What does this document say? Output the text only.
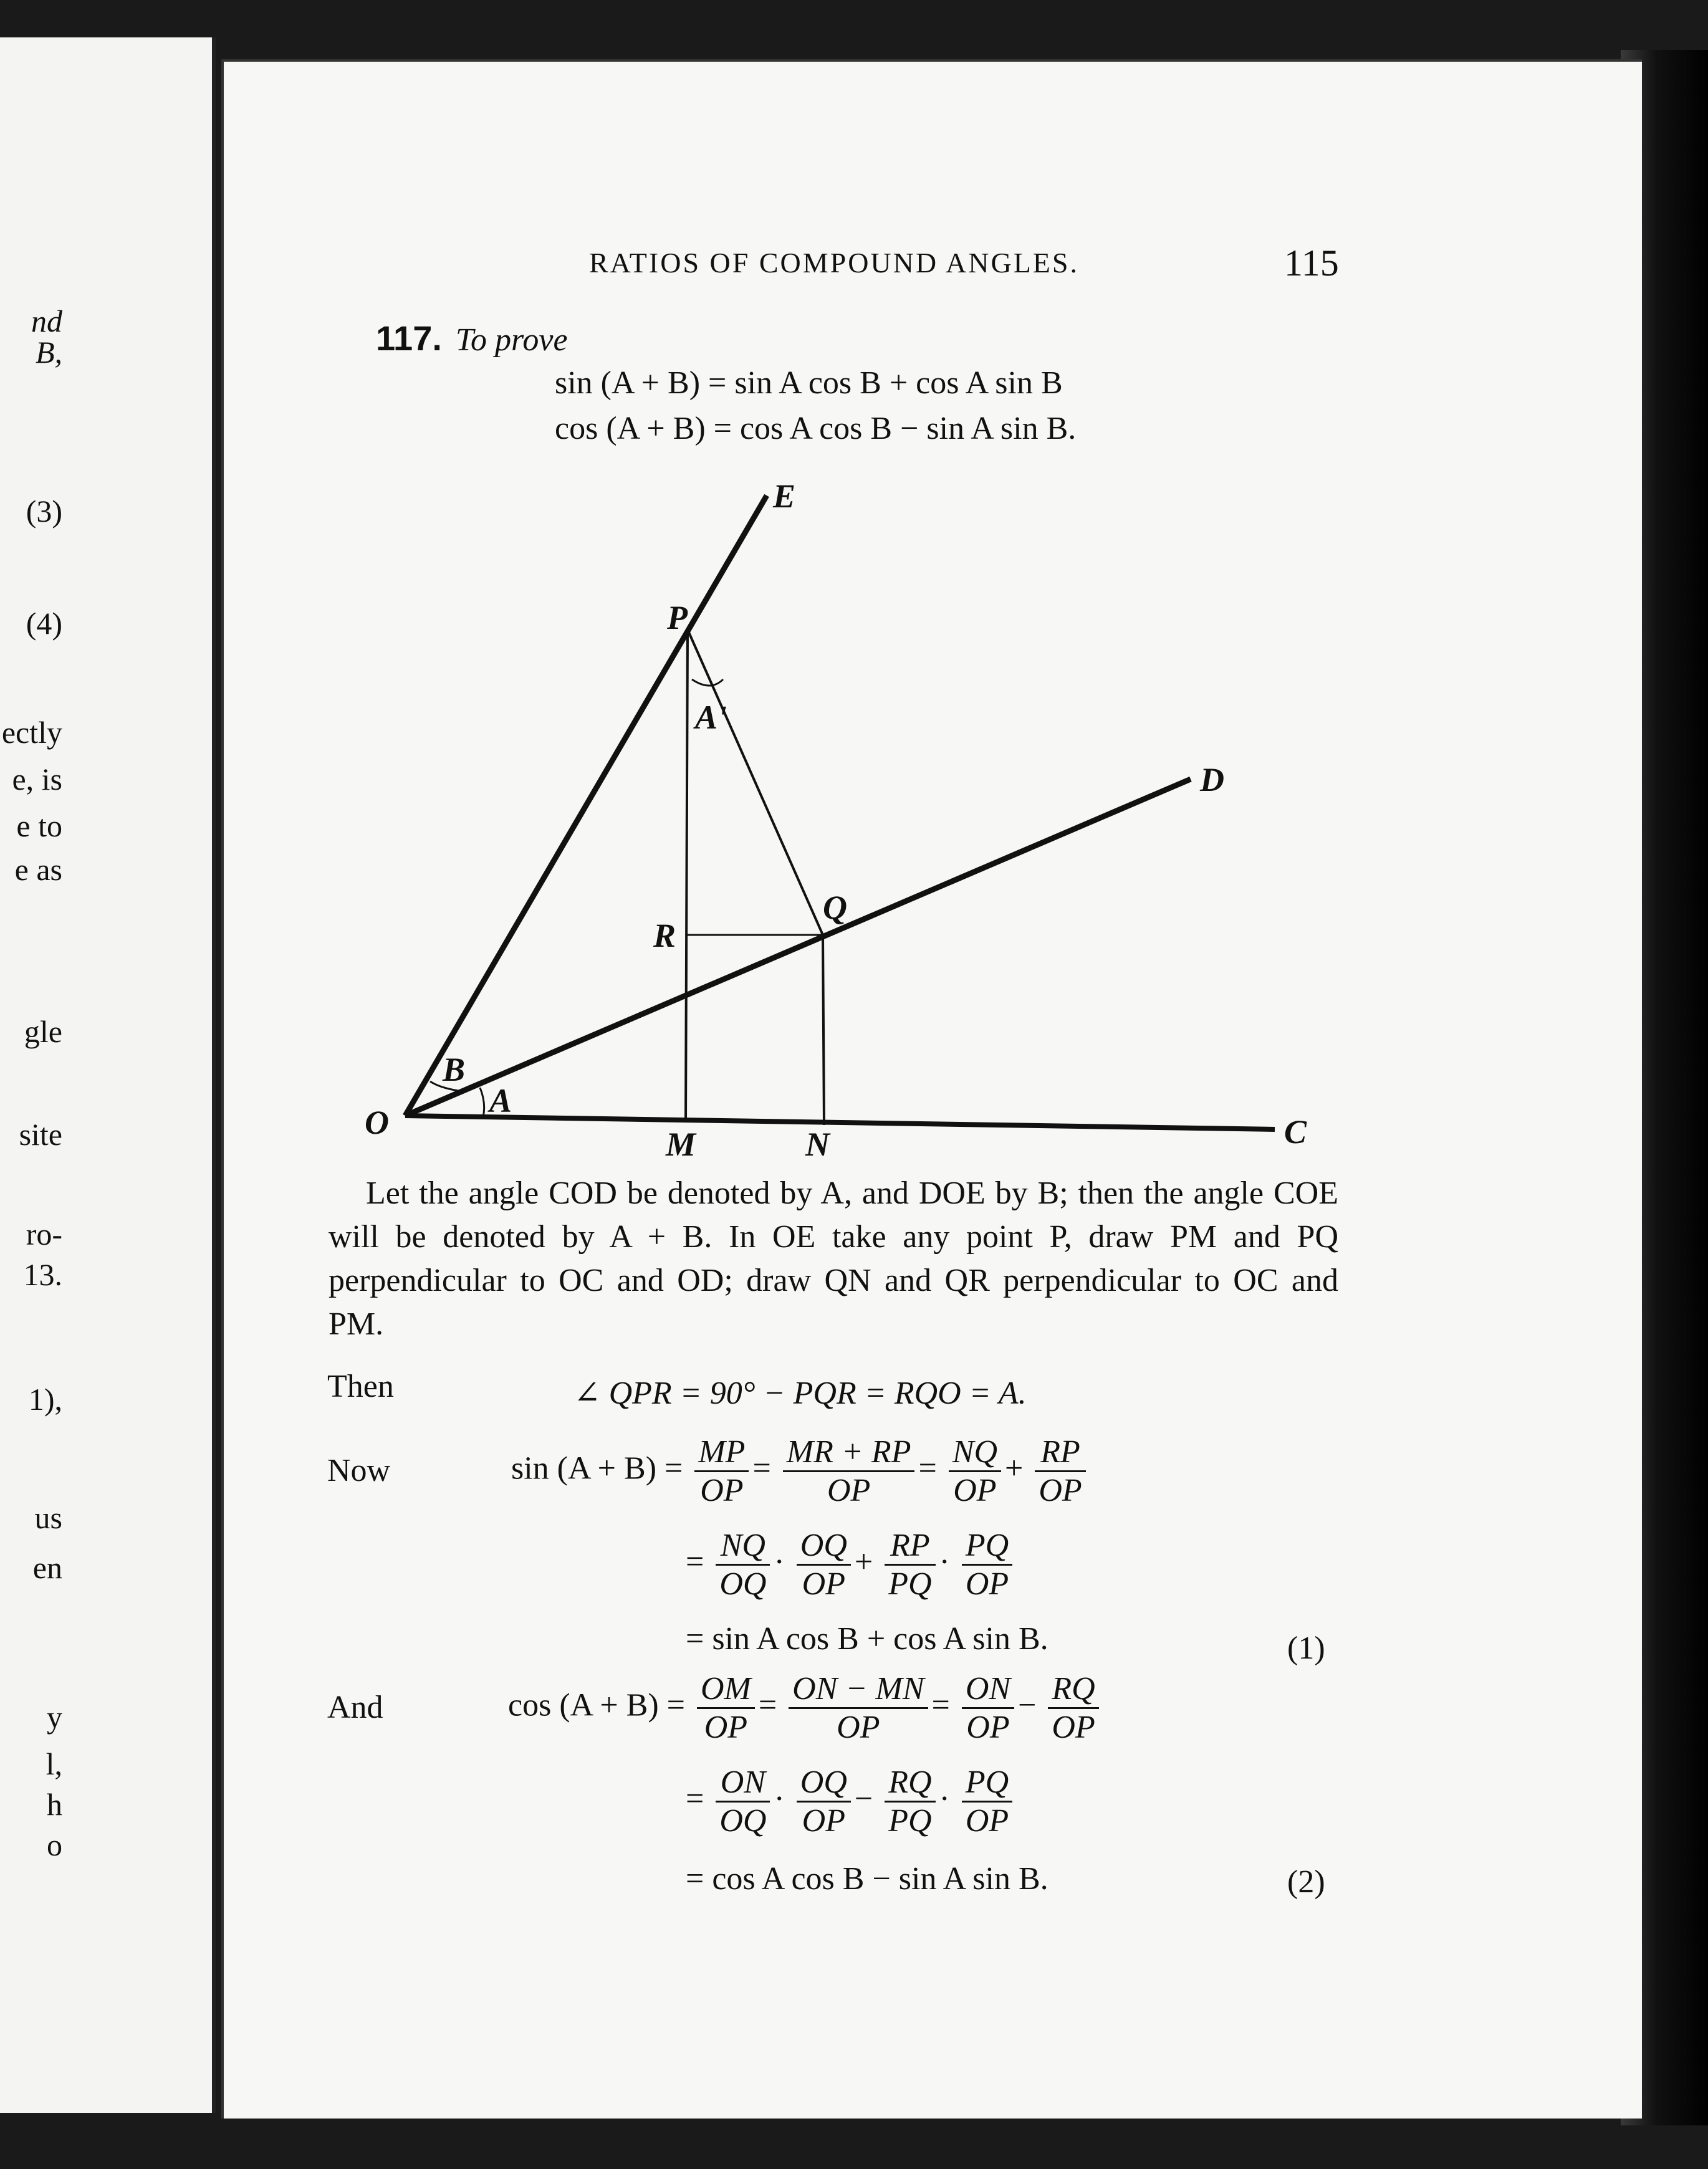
nd B,
(3)
(4)
ectly
e, is
e to
e as
gle
site
ro-
13.
1),
us
en
y
l,
h
o
RATIOS OF COMPOUND ANGLES.	115
117. To prove
sin (A + B) = sin A cos B + cos A sin B
cos (A + B) = cos A cos B − sin A sin B.
E
P
A'
D
Q
R
B
O
A
M	N	C

Let the angle COD be denoted by A, and DOE by B; then the angle COE will be denoted by A + B. In OE take any point P, draw PM and PQ perpendicular to OC and OD; draw QN and QR perpendicular to OC and PM.

Then	∠ QPR = 90° − PQR = RQO = A.
Now	$\sin (A + B) = \frac{MP}{OP} = \frac{MR + RP}{OP} = \frac{NQ}{OP} + \frac{RP}{OP}$
= $\frac{NQ}{OQ} \cdot \frac{OQ}{OP} + \frac{RP}{PQ} \cdot \frac{PQ}{OP}$
= sin A cos B + cos A sin B.	(1)
And	$\cos (A + B) = \frac{OM}{OP} = \frac{ON - MN}{OP} = \frac{ON}{OP} - \frac{RQ}{OP}$
= $\frac{ON}{OQ} \cdot \frac{OQ}{OP} - \frac{RQ}{PQ} \cdot \frac{PQ}{OP}$
= cos A cos B − sin A sin B.	(2)
